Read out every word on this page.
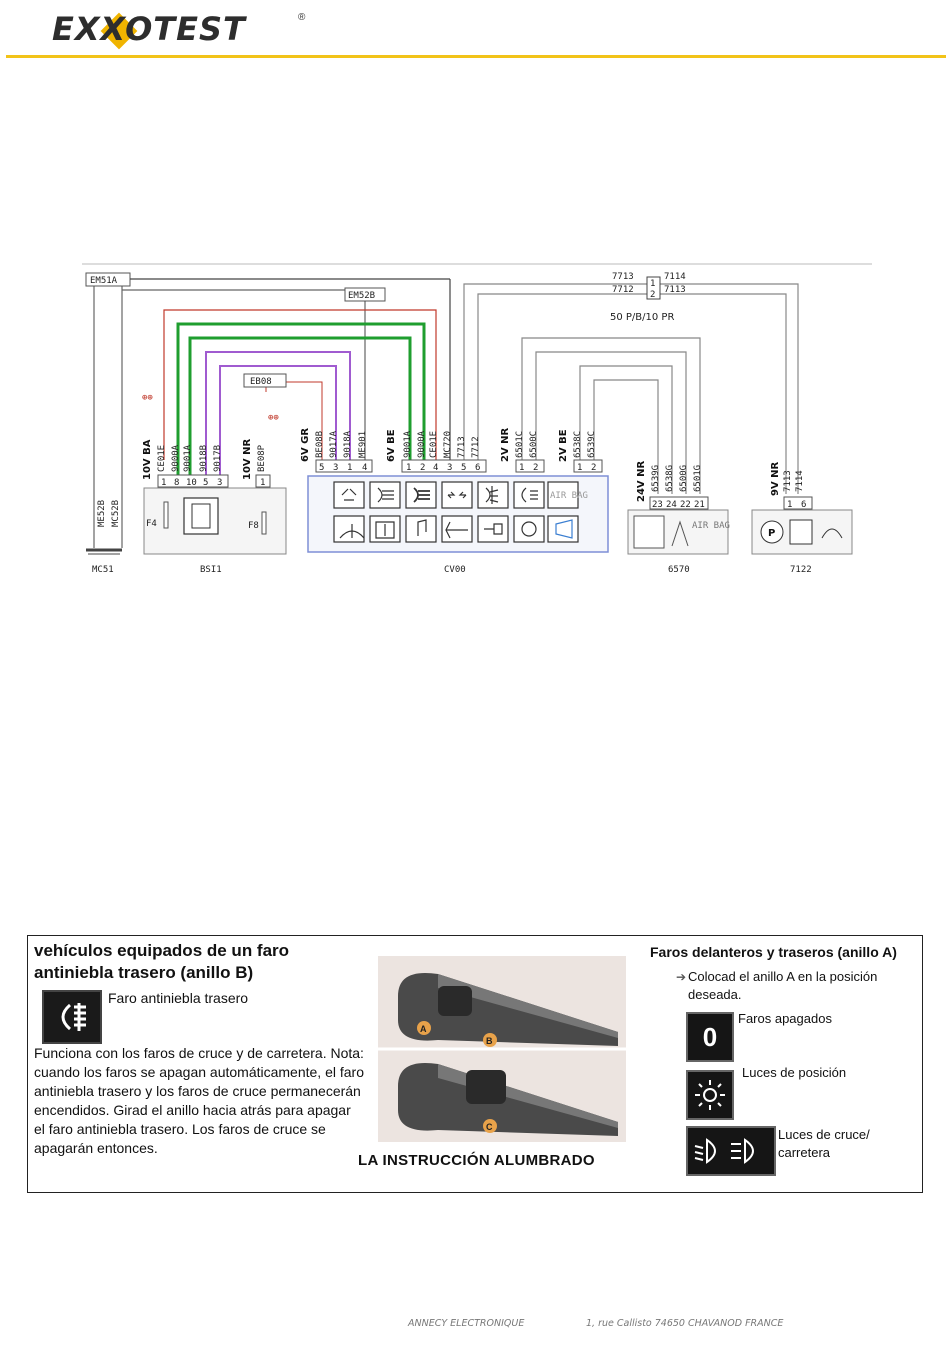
EXXOTEST	®
EM51A
EM52B
EB08
1
2
7713	7114
7712	7113
50 P/B/10 PR
ME52B MC52B
10V BA CE01E 9000A 9001A 9018B 9017B 10V NR BE08P	6V GR BE08B 9017A 9018A ME901 6V BE 9001A 9000A CE01E MC720 7713 7712 2V NR 6501C 6500C 2V BE 6538C 6539C
24V NR 6539G 6538G 6500G 6501G	9V NR 7113 7114
⊕⊕
⊕⊕
1 8 10 5 3	1
F4	F8
5 3 1 4	1 2 4 3 5 6	1 2	1 2
AIR BAG
23 24 22 21
AIR BAG
1 6
P
MC51	BSI1	CV00	6570	7122
vehículos equipados de un faro antiniebla trasero (anillo B)
Faro antiniebla trasero
Funciona con los faros de cruce y de carretera. Nota: cuando los faros se apagan automáticamente, el faro antiniebla trasero y los faros de cruce permanecerán encendidos. Girad el anillo hacia atrás para apagar el faro antiniebla trasero. Los faros de cruce se apagarán entonces.
A
B
C
LA INSTRUCCIÓN ALUMBRADO
Faros delanteros y traseros (anillo A)
➔ Colocad el anillo A en la posición deseada.
0
Faros apagados
Luces de posición
Luces de cruce/ carretera
ANNECY ELECTRONIQUE	1, rue Callisto 74650 CHAVANOD FRANCE
